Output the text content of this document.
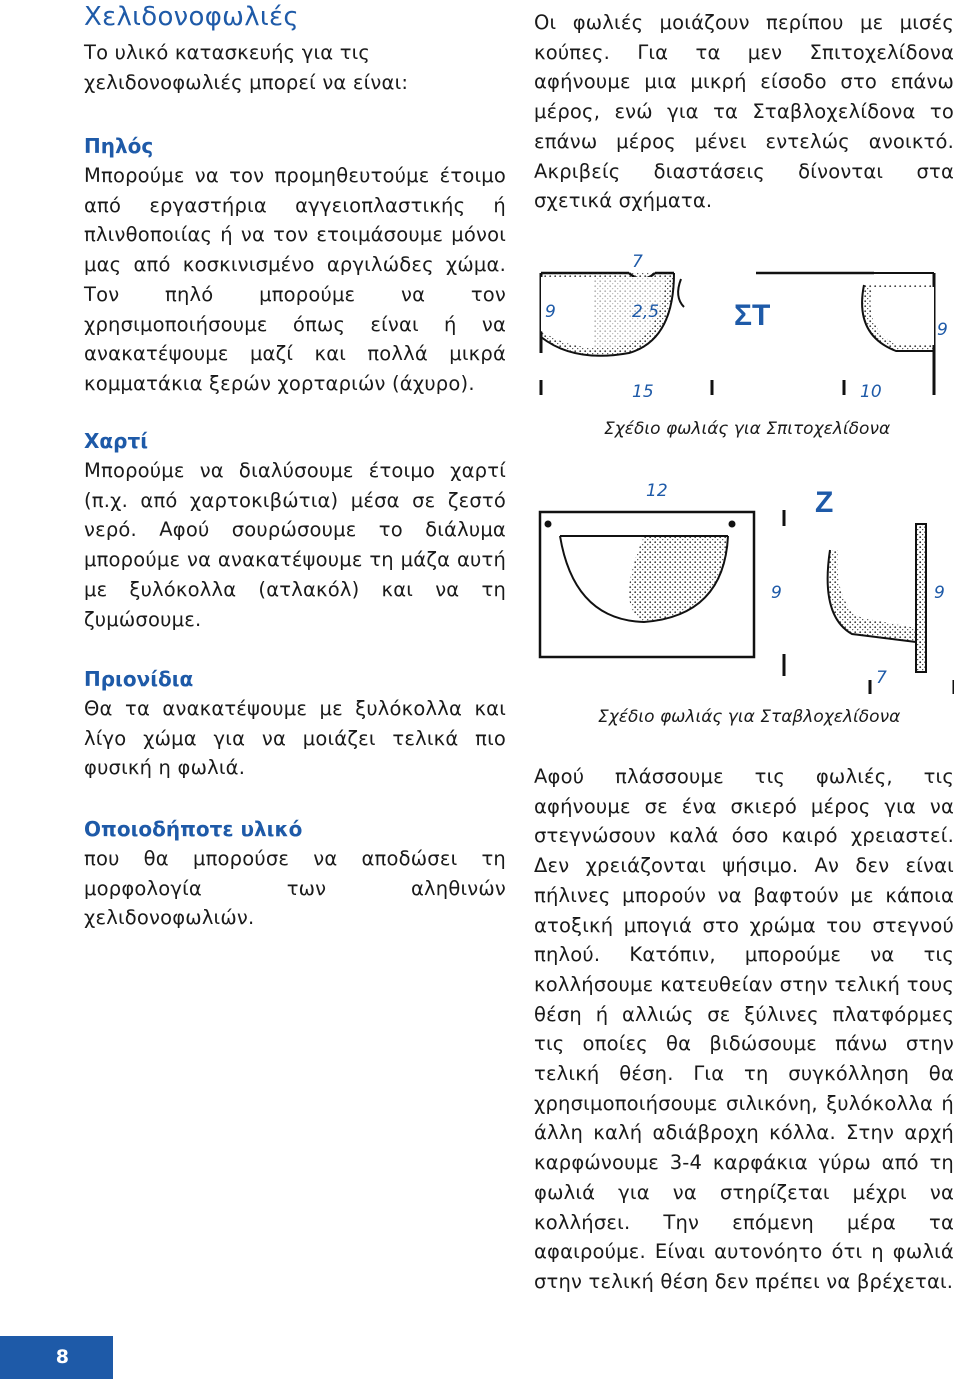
Χελιδονοφωλιές

Το υλικό κατασκευής για τις χελιδονοφωλιές μπορεί να είναι:

Πηλός

Μπορούμε να τον προμηθευτούμε έτοιμο από εργαστήρια αγγειοπλαστικής ή πλινθοποιίας ή να τον ετοιμάσουμε μόνοι μας από κοσκινισμένο αργιλώδες χώμα. Τον πηλό μπορούμε να τον χρησιμοποιήσουμε όπως είναι ή να ανακατέψουμε μαζί και πολλά μικρά κομματάκια ξερών χορταριών (άχυρο).

Χαρτί

Μπορούμε να διαλύσουμε έτοιμο χαρτί (π.χ. από χαρτοκιβώτια) μέσα σε ζεστό νερό. Αφού σουρώσουμε το διάλυμα μπορούμε να ανακατέψουμε τη μάζα αυτή με ξυλόκολλα (ατλακόλ) και να τη ζυμώσουμε.

Πριονίδια

Θα τα ανακατέψουμε με ξυλόκολλα και λίγο χώμα για να μοιάζει τελικά πιο φυσική η φωλιά.

Οποιοδήποτε υλικό

που θα μπορούσε να αποδώσει τη μορφολογία των αληθινών χελιδονοφωλιών.

Οι φωλιές μοιάζουν περίπου με μισές κούπες. Για τα μεν Σπιτοχελίδονα αφήνουμε μια μικρή είσοδο στο επάνω μέρος, ενώ για τα Σταβλοχελίδονα το επάνω μέρος μένει εντελώς ανοικτό. Ακριβείς διαστάσεις δίνονται στα σχετικά σχήματα.

Αφού πλάσσουμε τις φωλιές, τις αφήνουμε σε ένα σκιερό μέρος για να στεγνώσουν καλά όσο καιρό χρειαστεί. Δεν χρειάζονται ψήσιμο. Αν δεν είναι πήλινες μπορούν να βαφτούν με κάποια ατοξική μπογιά στο χρώμα του στεγνού πηλού. Κατόπιν, μπορούμε να τις κολλήσουμε κατευθείαν στην τελική τους θέση ή αλλιώς σε ξύλινες πλατφόρμες τις οποίες θα βιδώσουμε πάνω στην τελική θέση. Για τη συγκόλληση θα χρησιμοποιήσουμε σιλικόνη, ξυλόκολλα ή άλλη καλή αδιάβροχη κόλλα. Στην αρχή καρφώνουμε 3-4 καρφάκια γύρω από τη φωλιά για να στηρίζεται μέχρι να κολλήσει. Την επόμενη μέρα τα αφαιρούμε. Είναι αυτονόητο ότι η φωλιά στην τελική θέση δεν πρέπει να βρέχεται.

7
9	2,5
9
15	10
ΣΤ
Σχέδιο φωλιάς για Σπιτοχελίδονα
12
9	9
7
Ζ
Σχέδιο φωλιάς για Σταβλοχελίδονα
8
